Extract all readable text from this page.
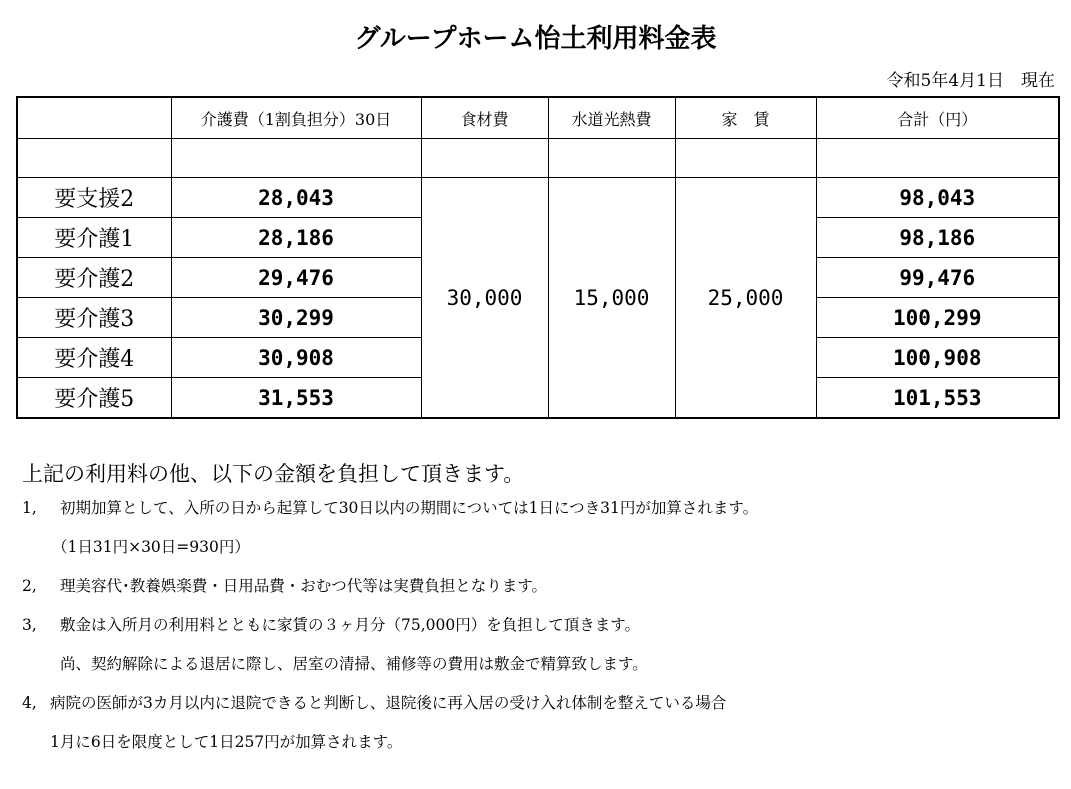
グループホーム怡土利用料金表
令和5年4月1日　現在
	介護費（1割負担分）30日	食材費	水道光熱費	家　賃	合計（円）

要支援2	28,043	30,000	15,000	25,000	98,043
要介護1	28,186				98,186
要介護2	29,476				99,476
要介護3	30,299				100,299
要介護4	30,908				100,908
要介護5	31,553				101,553
上記の利用料の他、以下の金額を負担して頂きます。
1, 初期加算として、入所の日から起算して30日以内の期間については1日につき31円が加算されます。
（1日31円×30日=930円）
2, 理美容代･教養娯楽費・日用品費・おむつ代等は実費負担となります。
3, 敷金は入所月の利用料とともに家賃の３ヶ月分（75,000円）を負担して頂きます。
尚、契約解除による退居に際し、居室の清掃、補修等の費用は敷金で精算致します。
4, 病院の医師が3カ月以内に退院できると判断し、退院後に再入居の受け入れ体制を整えている場合
1月に6日を限度として1日257円が加算されます。
